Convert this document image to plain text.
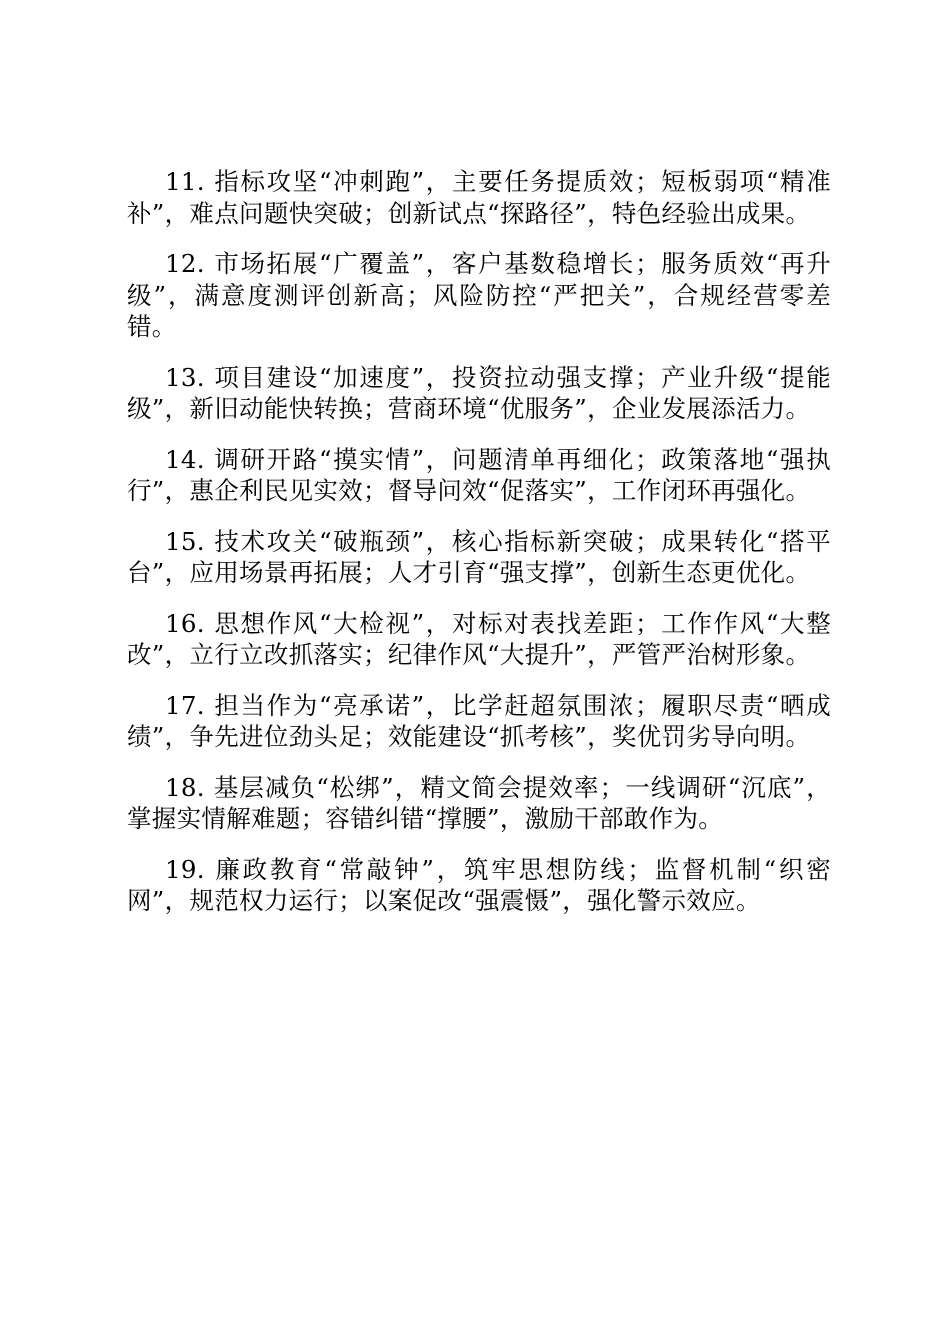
11. 指标攻坚“冲刺跑”，主要任务提质效；短板弱项“精准补”，难点问题快突破；创新试点“探路径”，特色经验出成果。

12. 市场拓展“广覆盖”，客户基数稳增长；服务质效“再升级”，满意度测评创新高；风险防控“严把关”，合规经营零差错。

13. 项目建设“加速度”，投资拉动强支撑；产业升级“提能级”，新旧动能快转换；营商环境“优服务”，企业发展添活力。

14. 调研开路“摸实情”，问题清单再细化；政策落地“强执行”，惠企利民见实效；督导问效“促落实”，工作闭环再强化。

15. 技术攻关“破瓶颈”，核心指标新突破；成果转化“搭平台”，应用场景再拓展；人才引育“强支撑”，创新生态更优化。

16. 思想作风“大检视”，对标对表找差距；工作作风“大整改”，立行立改抓落实；纪律作风“大提升”，严管严治树形象。

17. 担当作为“亮承诺”，比学赶超氛围浓；履职尽责“晒成绩”，争先进位劲头足；效能建设“抓考核”，奖优罚劣导向明。

18. 基层减负“松绑”，精文简会提效率；一线调研“沉底”，掌握实情解难题；容错纠错“撑腰”，激励干部敢作为。

19. 廉政教育“常敲钟”，筑牢思想防线；监督机制“织密网”，规范权力运行；以案促改“强震慑”，强化警示效应。
